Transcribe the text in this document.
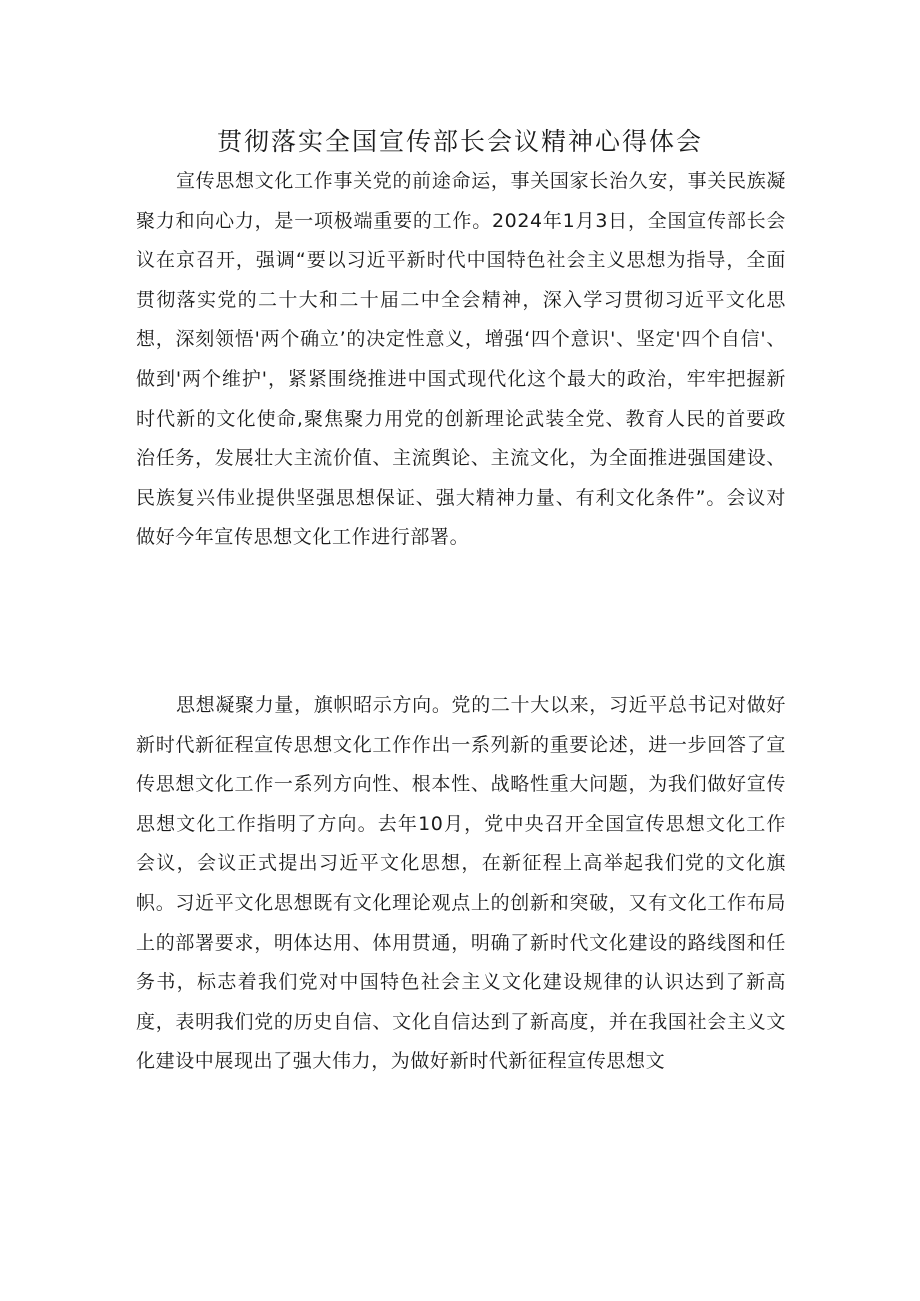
贯彻落实全国宣传部长会议精神心得体会

宣传思想文化工作事关党的前途命运，事关国家长治久安，事关民族凝聚力和向心力，是一项极端重要的工作。2024年1月3日，全国宣传部长会议在京召开，强调“要以习近平新时代中国特色社会主义思想为指导，全面贯彻落实党的二十大和二十届二中全会精神，深入学习贯彻习近平文化思想，深刻领悟'两个确立’的决定性意义，增强‘四个意识'、坚定'四个自信'、做到'两个维护'，紧紧围绕推进中国式现代化这个最大的政治，牢牢把握新时代新的文化使命,聚焦聚力用党的创新理论武装全党、教育人民的首要政治任务，发展壮大主流价值、主流舆论、主流文化，为全面推进强国建设、民族复兴伟业提供坚强思想保证、强大精神力量、有利文化条件”。会议对做好今年宣传思想文化工作进行部署。

思想凝聚力量，旗帜昭示方向。党的二十大以来，习近平总书记对做好新时代新征程宣传思想文化工作作出一系列新的重要论述，进一步回答了宣传思想文化工作一系列方向性、根本性、战略性重大问题，为我们做好宣传思想文化工作指明了方向。去年10月，党中央召开全国宣传思想文化工作会议，会议正式提出习近平文化思想，在新征程上高举起我们党的文化旗帜。习近平文化思想既有文化理论观点上的创新和突破，又有文化工作布局上的部署要求，明体达用、体用贯通，明确了新时代文化建设的路线图和任务书，标志着我们党对中国特色社会主义文化建设规律的认识达到了新高度，表明我们党的历史自信、文化自信达到了新高度，并在我国社会主义文化建设中展现出了强大伟力，为做好新时代新征程宣传思想文
